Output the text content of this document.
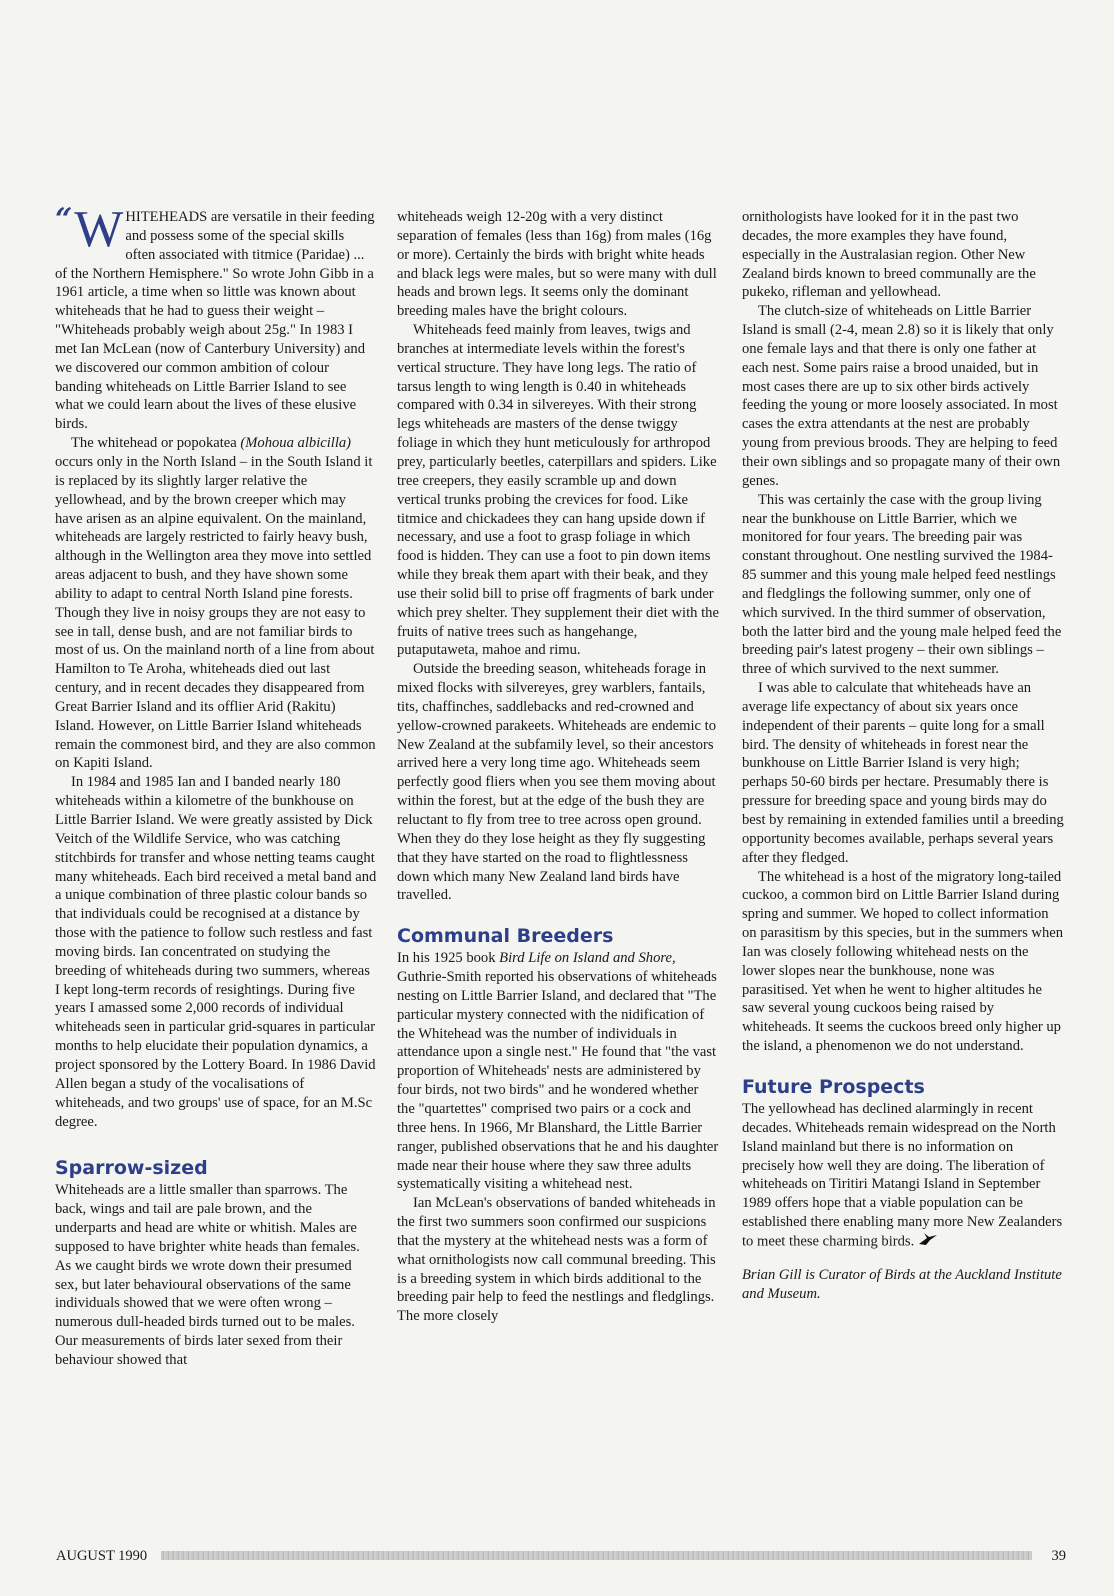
“ W HITEHEADS are versatile in their feeding and possess some of the special skills often associated with titmice (Paridae) ... of the Northern Hemisphere." So wrote John Gibb in a 1961 article, a time when so little was known about whiteheads that he had to guess their weight – "Whiteheads probably weigh about 25g." In 1983 I met Ian McLean (now of Canterbury University) and we discovered our common ambition of colour banding whiteheads on Little Barrier Island to see what we could learn about the lives of these elusive birds.

The whitehead or popokatea (Mohoua albicilla) occurs only in the North Island – in the South Island it is replaced by its slightly larger relative the yellowhead, and by the brown creeper which may have arisen as an alpine equivalent. On the mainland, whiteheads are largely restricted to fairly heavy bush, although in the Wellington area they move into settled areas adjacent to bush, and they have shown some ability to adapt to central North Island pine forests. Though they live in noisy groups they are not easy to see in tall, dense bush, and are not familiar birds to most of us. On the mainland north of a line from about Hamilton to Te Aroha, whiteheads died out last century, and in recent decades they disappeared from Great Barrier Island and its offlier Arid (Rakitu) Island. However, on Little Barrier Island whiteheads remain the commonest bird, and they are also common on Kapiti Island.

In 1984 and 1985 Ian and I banded nearly 180 whiteheads within a kilometre of the bunkhouse on Little Barrier Island. We were greatly assisted by Dick Veitch of the Wildlife Service, who was catching stitchbirds for transfer and whose netting teams caught many whiteheads. Each bird received a metal band and a unique combination of three plastic colour bands so that individuals could be recognised at a distance by those with the patience to follow such restless and fast moving birds. Ian concentrated on studying the breeding of whiteheads during two summers, whereas I kept long-term records of resightings. During five years I amassed some 2,000 records of individual whiteheads seen in particular grid-squares in particular months to help elucidate their population dynamics, a project sponsored by the Lottery Board. In 1986 David Allen began a study of the vocalisations of whiteheads, and two groups' use of space, for an M.Sc degree.

Sparrow-sized

Whiteheads are a little smaller than sparrows. The back, wings and tail are pale brown, and the underparts and head are white or whitish. Males are supposed to have brighter white heads than females. As we caught birds we wrote down their presumed sex, but later behavioural observations of the same individuals showed that we were often wrong – numerous dull-headed birds turned out to be males. Our measurements of birds later sexed from their behaviour showed that

whiteheads weigh 12-20g with a very distinct separation of females (less than 16g) from males (16g or more). Certainly the birds with bright white heads and black legs were males, but so were many with dull heads and brown legs. It seems only the dominant breeding males have the bright colours.

Whiteheads feed mainly from leaves, twigs and branches at intermediate levels within the forest's vertical structure. They have long legs. The ratio of tarsus length to wing length is 0.40 in whiteheads compared with 0.34 in silvereyes. With their strong legs whiteheads are masters of the dense twiggy foliage in which they hunt meticulously for arthropod prey, particularly beetles, caterpillars and spiders. Like tree creepers, they easily scramble up and down vertical trunks probing the crevices for food. Like titmice and chickadees they can hang upside down if necessary, and use a foot to grasp foliage in which food is hidden. They can use a foot to pin down items while they break them apart with their beak, and they use their solid bill to prise off fragments of bark under which prey shelter. They supplement their diet with the fruits of native trees such as hangehange, putaputaweta, mahoe and rimu.

Outside the breeding season, whiteheads forage in mixed flocks with silvereyes, grey warblers, fantails, tits, chaffinches, saddlebacks and red-crowned and yellow-crowned parakeets. Whiteheads are endemic to New Zealand at the subfamily level, so their ancestors arrived here a very long time ago. Whiteheads seem perfectly good fliers when you see them moving about within the forest, but at the edge of the bush they are reluctant to fly from tree to tree across open ground. When they do they lose height as they fly suggesting that they have started on the road to flightlessness down which many New Zealand land birds have travelled.

Communal Breeders

In his 1925 book Bird Life on Island and Shore, Guthrie-Smith reported his observations of whiteheads nesting on Little Barrier Island, and declared that "The particular mystery connected with the nidification of the Whitehead was the number of individuals in attendance upon a single nest." He found that "the vast proportion of Whiteheads' nests are administered by four birds, not two birds" and he wondered whether the "quartettes" comprised two pairs or a cock and three hens. In 1966, Mr Blanshard, the Little Barrier ranger, published observations that he and his daughter made near their house where they saw three adults systematically visiting a whitehead nest.

Ian McLean's observations of banded whiteheads in the first two summers soon confirmed our suspicions that the mystery at the whitehead nests was a form of what ornithologists now call communal breeding. This is a breeding system in which birds additional to the breeding pair help to feed the nestlings and fledglings. The more closely

ornithologists have looked for it in the past two decades, the more examples they have found, especially in the Australasian region. Other New Zealand birds known to breed communally are the pukeko, rifleman and yellowhead.

The clutch-size of whiteheads on Little Barrier Island is small (2-4, mean 2.8) so it is likely that only one female lays and that there is only one father at each nest. Some pairs raise a brood unaided, but in most cases there are up to six other birds actively feeding the young or more loosely associated. In most cases the extra attendants at the nest are probably young from previous broods. They are helping to feed their own siblings and so propagate many of their own genes.

This was certainly the case with the group living near the bunkhouse on Little Barrier, which we monitored for four years. The breeding pair was constant throughout. One nestling survived the 1984-85 summer and this young male helped feed nestlings and fledglings the following summer, only one of which survived. In the third summer of observation, both the latter bird and the young male helped feed the breeding pair's latest progeny – their own siblings – three of which survived to the next summer.

I was able to calculate that whiteheads have an average life expectancy of about six years once independent of their parents – quite long for a small bird. The density of whiteheads in forest near the bunkhouse on Little Barrier Island is very high; perhaps 50-60 birds per hectare. Presumably there is pressure for breeding space and young birds may do best by remaining in extended families until a breeding opportunity becomes available, perhaps several years after they fledged.

The whitehead is a host of the migratory long-tailed cuckoo, a common bird on Little Barrier Island during spring and summer. We hoped to collect information on parasitism by this species, but in the summers when Ian was closely following whitehead nests on the lower slopes near the bunkhouse, none was parasitised. Yet when he went to higher altitudes he saw several young cuckoos being raised by whiteheads. It seems the cuckoos breed only higher up the island, a phenomenon we do not understand.

Future Prospects

The yellowhead has declined alarmingly in recent decades. Whiteheads remain widespread on the North Island mainland but there is no information on precisely how well they are doing. The liberation of whiteheads on Tiritiri Matangi Island in September 1989 offers hope that a viable population can be established there enabling many more New Zealanders to meet these charming birds.

Brian Gill is Curator of Birds at the Auckland Institute and Museum.

AUGUST 1990	39
